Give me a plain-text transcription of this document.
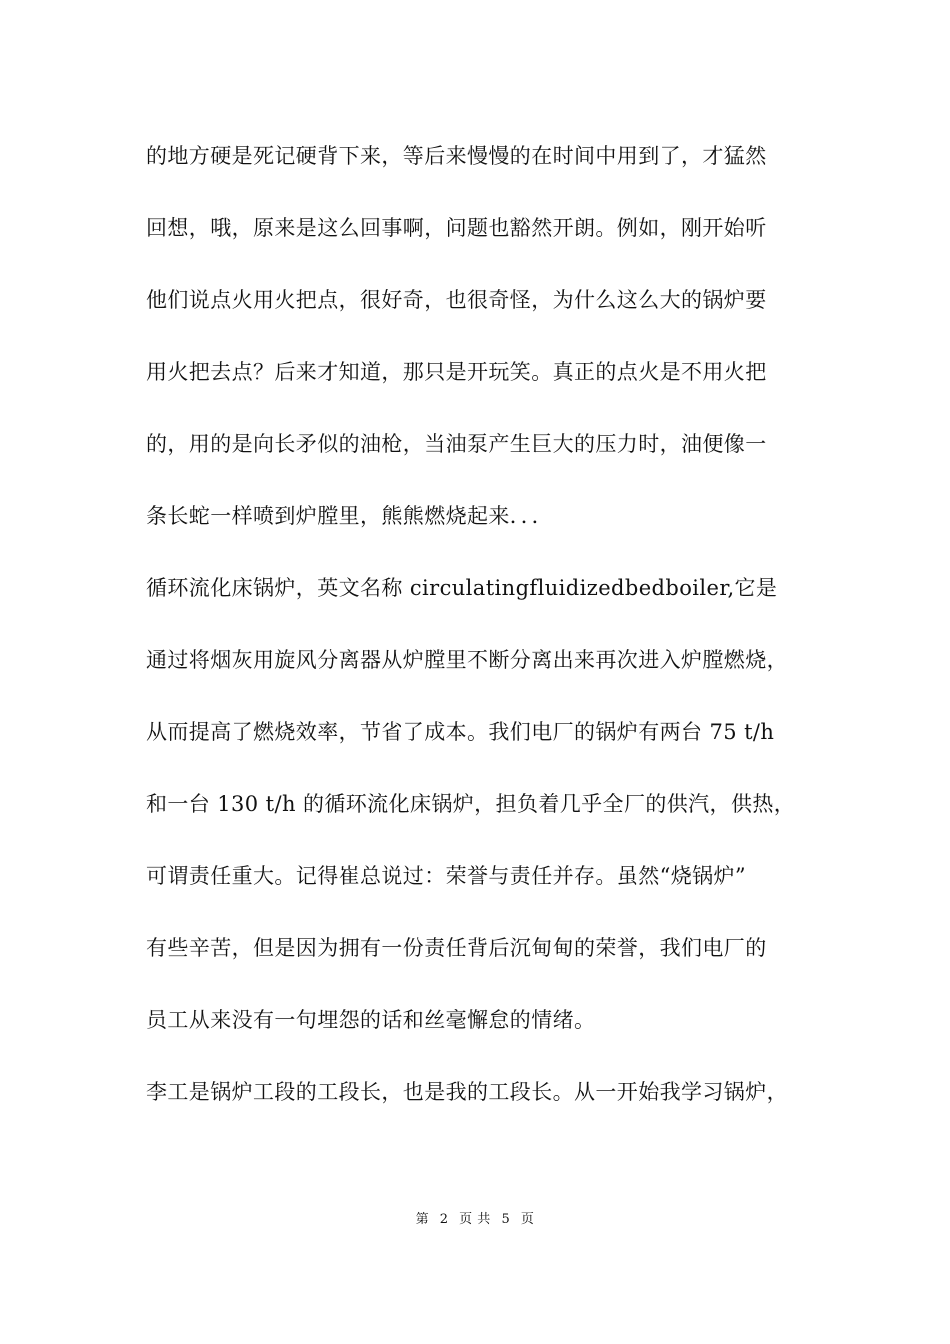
的地方硬是死记硬背下来，等后来慢慢的在时间中用到了，才猛然
回想，哦，原来是这么回事啊，问题也豁然开朗。例如，刚开始听
他们说点火用火把点，很好奇，也很奇怪，为什么这么大的锅炉要
用火把去点？后来才知道，那只是开玩笑。真正的点火是不用火把
的，用的是向长矛似的油枪，当油泵产生巨大的压力时，油便像一
条长蛇一样喷到炉膛里，熊熊燃烧起来．．．
循环流化床锅炉，英文名称 circulatingfluidizedbedboiler,它是
通过将烟灰用旋风分离器从炉膛里不断分离出来再次进入炉膛燃烧，
从而提高了燃烧效率，节省了成本。我们电厂的锅炉有两台 75 t/h
和一台 130 t/h 的循环流化床锅炉，担负着几乎全厂的供汽，供热，
可谓责任重大。记得崔总说过：荣誉与责任并存。虽然“烧锅炉”
有些辛苦，但是因为拥有一份责任背后沉甸甸的荣誉，我们电厂的
员工从来没有一句埋怨的话和丝毫懈怠的情绪。
李工是锅炉工段的工段长，也是我的工段长。从一开始我学习锅炉，
第 2 页 共 5 页
